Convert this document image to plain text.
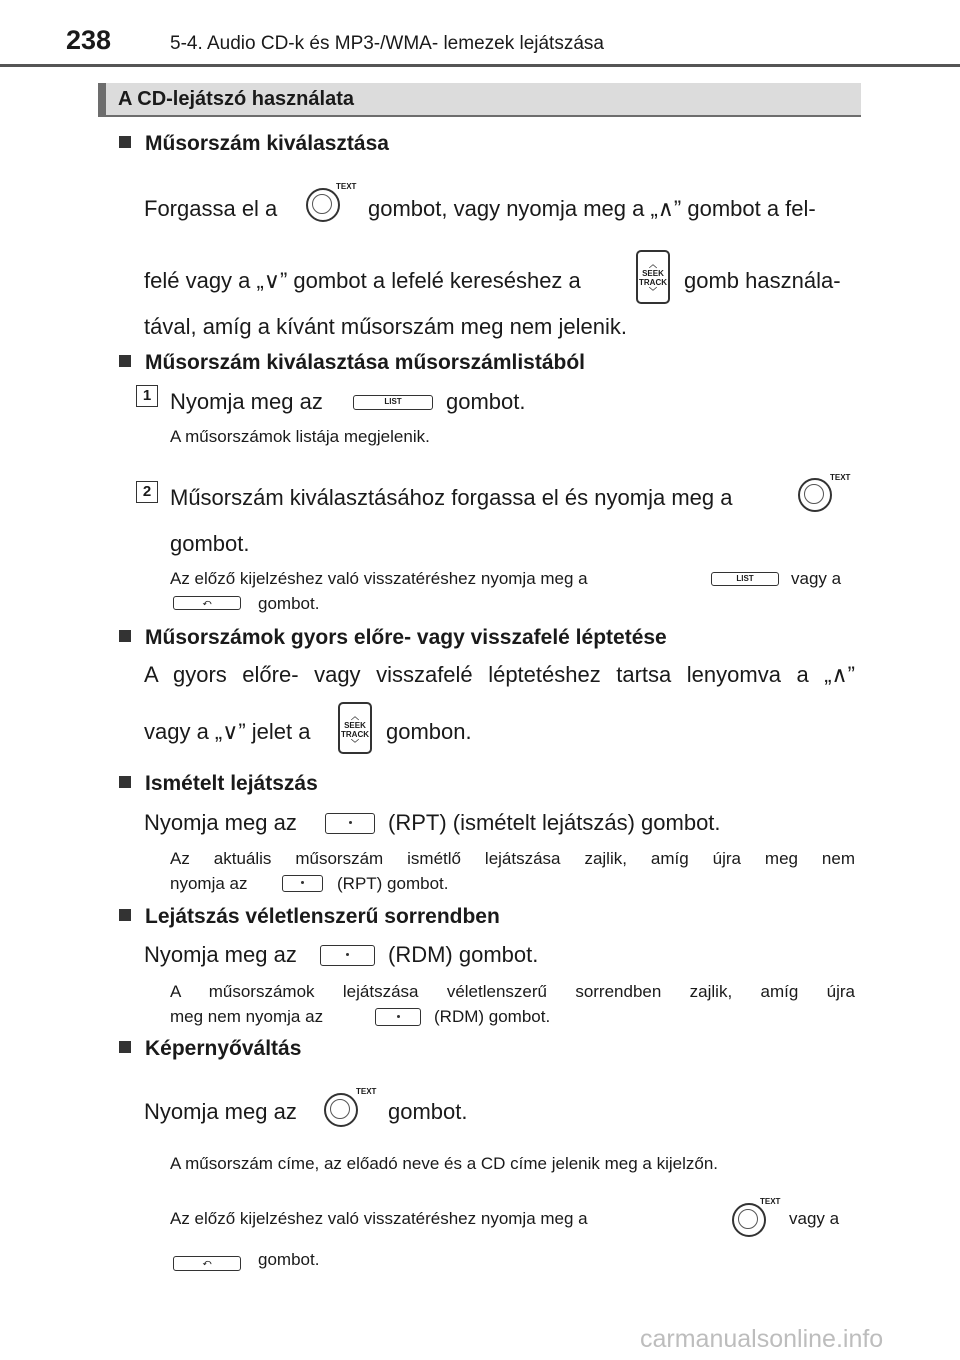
238	5-4. Audio CD-k és MP3-/WMA- lemezek lejátszása
A CD-lejátszó használata
Műsorszám kiválasztása
Forgassa el a
TEXT
gombot, vagy nyomja meg a „∧” gombot a fel-
felé vagy a „∨” gombot a lefelé kereséshez a
︿
SEEK
TRACK
﹀	gomb használa-
tával, amíg a kívánt műsorszám meg nem jelenik.
Műsorszám kiválasztása műsorszámlistából
1 Nyomja meg az	LIST	gombot.
A műsorszámok listája megjelenik.
2 Műsorszám kiválasztásához forgassa el és nyomja meg a
TEXT
gombot.
Az előző kijelzéshez való visszatéréshez nyomja meg a	LIST	vagy a
⤺	gombot.
Műsorszámok gyors előre- vagy visszafelé léptetése
A gyors előre- vagy visszafelé léptetéshez tartsa lenyomva a „∧”
vagy a „∨” jelet a
︿
SEEK
TRACK
﹀	gombon.
Ismételt lejátszás
Nyomja meg az	(RPT) (ismételt lejátszás) gombot.
Az aktuális műsorszám ismétlő lejátszása zajlik, amíg újra meg nem
nyomja az	(RPT) gombot.
Lejátszás véletlenszerű sorrendben
Nyomja meg az	(RDM) gombot.
A műsorszámok lejátszása véletlenszerű sorrendben zajlik, amíg újra
meg nem nyomja az	(RDM) gombot.
Képernyőváltás
Nyomja meg az
TEXT
gombot.
A műsorszám címe, az előadó neve és a CD címe jelenik meg a kijelzőn.
Az előző kijelzéshez való visszatéréshez nyomja meg a
TEXT
vagy a
⤺	gombot.
carmanualsonline.info
